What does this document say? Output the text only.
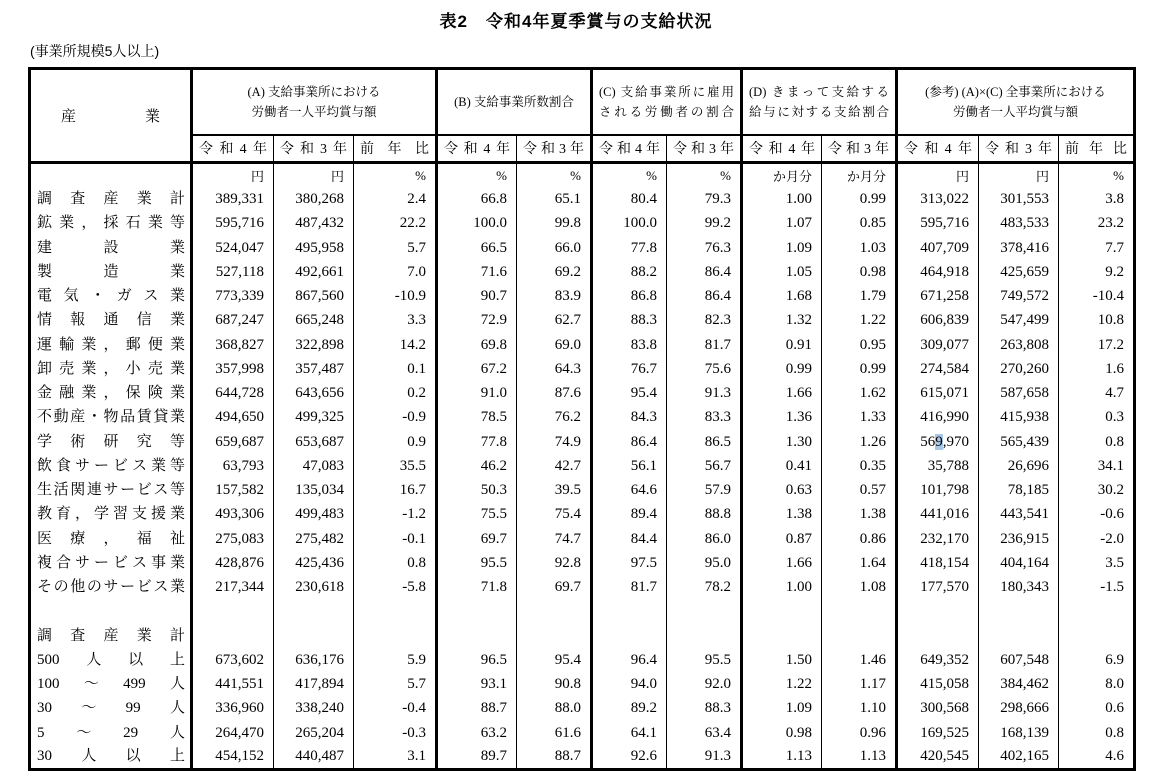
表2　令和4年夏季賞与の支給状況
(事業所規模5人以上)
産業	
(A) 支給事業所における
労働者一人平均賞与額

(B) 支給事業所数割合

(C) 支給事業所に雇用
される労働者の割合

(D) きまって支給する
給与に対する支給割合

(参考) (A)×(C) 全事業所における
労働者一人平均賞与額

	令和4年	令和3年	前年比	令和4年	令和3年	令和4年	令和3年	令和4年	令和3年	令和4年	令和3年	前年比
	円	円	%	%	%	%	%	か月分	か月分	円	円	%
調査産業計	389,331	380,268	2.4	66.8	65.1	80.4	79.3	1.00	0.99	313,022	301,553	3.8
鉱業，採石業等	595,716	487,432	22.2	100.0	99.8	100.0	99.2	1.07	0.85	595,716	483,533	23.2
建設業	524,047	495,958	5.7	66.5	66.0	77.8	76.3	1.09	1.03	407,709	378,416	7.7
製造業	527,118	492,661	7.0	71.6	69.2	88.2	86.4	1.05	0.98	464,918	425,659	9.2
電気・ガス業	773,339	867,560	-10.9	90.7	83.9	86.8	86.4	1.68	1.79	671,258	749,572	-10.4
情報通信業	687,247	665,248	3.3	72.9	62.7	88.3	82.3	1.32	1.22	606,839	547,499	10.8
運輸業，郵便業	368,827	322,898	14.2	69.8	69.0	83.8	81.7	0.91	0.95	309,077	263,808	17.2
卸売業，小売業	357,998	357,487	0.1	67.2	64.3	76.7	75.6	0.99	0.99	274,584	270,260	1.6
金融業，保険業	644,728	643,656	0.2	91.0	87.6	95.4	91.3	1.66	1.62	615,071	587,658	4.7
不動産・物品賃貸業	494,650	499,325	-0.9	78.5	76.2	84.3	83.3	1.36	1.33	416,990	415,938	0.3
学術研究等	659,687	653,687	0.9	77.8	74.9	86.4	86.5	1.30	1.26	569,970	565,439	0.8
飲食サービス業等	63,793	47,083	35.5	46.2	42.7	56.1	56.7	0.41	0.35	35,788	26,696	34.1
生活関連サービス等	157,582	135,034	16.7	50.3	39.5	64.6	57.9	0.63	0.57	101,798	78,185	30.2
教育，学習支援業	493,306	499,483	-1.2	75.5	75.4	89.4	88.8	1.38	1.38	441,016	443,541	-0.6
医療，福祉	275,083	275,482	-0.1	69.7	74.7	84.4	86.0	0.87	0.86	232,170	236,915	-2.0
複合サービス事業	428,876	425,436	0.8	95.5	92.8	97.5	95.0	1.66	1.64	418,154	404,164	3.5
その他のサービス業	217,344	230,618	-5.8	71.8	69.7	81.7	78.2	1.00	1.08	177,570	180,343	-1.5

調査産業計												
500人以上	673,602	636,176	5.9	96.5	95.4	96.4	95.5	1.50	1.46	649,352	607,548	6.9
100～499人	441,551	417,894	5.7	93.1	90.8	94.0	92.0	1.22	1.17	415,058	384,462	8.0
30～99人	336,960	338,240	-0.4	88.7	88.0	89.2	88.3	1.09	1.10	300,568	298,666	0.6
5～29人	264,470	265,204	-0.3	63.2	61.6	64.1	63.4	0.98	0.96	169,525	168,139	0.8
30人以上	454,152	440,487	3.1	89.7	88.7	92.6	91.3	1.13	1.13	420,545	402,165	4.6
